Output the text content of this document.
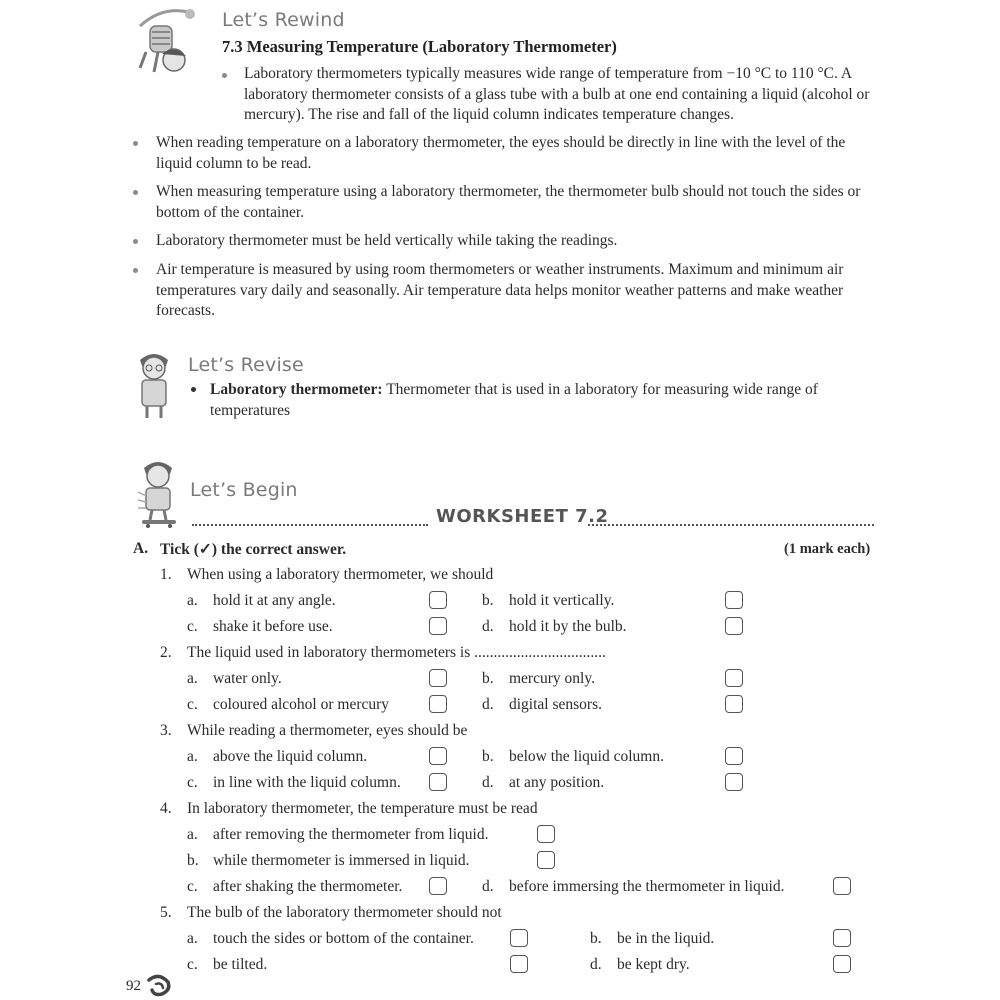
Let’s Rewind
7.3 Measuring Temperature (Laboratory Thermometer)
Laboratory thermometers typically measures wide range of temperature from −10 °C to 110 °C. A laboratory thermometer consists of a glass tube with a bulb at one end containing a liquid (alcohol or mercury). The rise and fall of the liquid column indicates temperature changes.
When reading temperature on a laboratory thermometer, the eyes should be directly in line with the level of the liquid column to be read.
When measuring temperature using a laboratory thermometer, the thermometer bulb should not touch the sides or bottom of the container.
Laboratory thermometer must be held vertically while taking the readings.
Air temperature is measured by using room thermometers or weather instruments. Maximum and minimum air temperatures vary daily and seasonally. Air temperature data helps monitor weather patterns and make weather forecasts.
Let’s Revise
Laboratory thermometer: Thermometer that is used in a laboratory for measuring wide range of temperatures
Let’s Begin
WORKSHEET 7.2
A. Tick (✓) the correct answer.	(1 mark each)
1. When using a laboratory thermometer, we should
a. hold it at any angle.	b. hold it vertically.
c. shake it before use.	d. hold it by the bulb.
2. The liquid used in laboratory thermometers is ..................................
a. water only.	b. mercury only.
c. coloured alcohol or mercury	d. digital sensors.
3. While reading a thermometer, eyes should be
a. above the liquid column.	b. below the liquid column.
c. in line with the liquid column.	d. at any position.
4. In laboratory thermometer, the temperature must be read
a. after removing the thermometer from liquid.
b. while thermometer is immersed in liquid.
c. after shaking the thermometer.	d. before immersing the thermometer in liquid.
5. The bulb of the laboratory thermometer should not
a. touch the sides or bottom of the container.	b. be in the liquid.
c. be tilted.	d. be kept dry.
92
